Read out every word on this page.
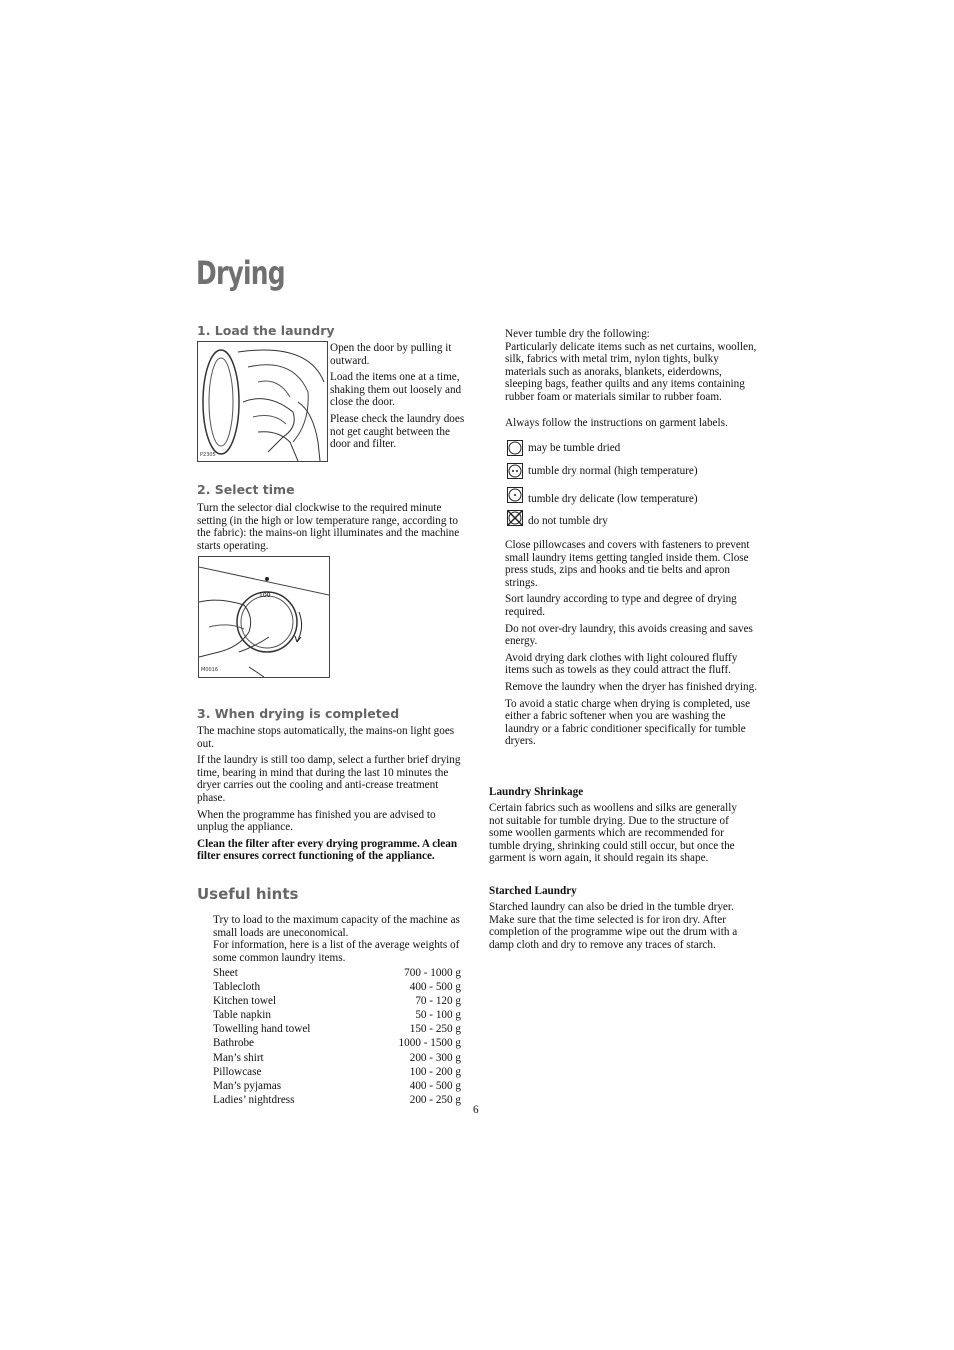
Drying
1. Load the laundry
P2305

Open the door by pulling it outward.

Load the items one at a time, shaking them out loosely and close the door.

Please check the laundry does not get caught between the door and filter.

2. Select time
Turn the selector dial clockwise to the required minute setting (in the high or low temperature range, according to the fabric): the mains-on light illuminates and the machine starts operating.
100
M0016
3. When drying is completed

The machine stops automatically, the mains-on light goes out.

If the laundry is still too damp, select a further brief drying time, bearing in mind that during the last 10 minutes the dryer carries out the cooling and anti-crease treatment phase.

When the programme has finished you are advised to unplug the appliance.

Clean the filter after every drying programme. A clean filter ensures correct functioning of the appliance.

Useful hints
Try to load to the maximum capacity of the machine as small loads are uneconomical.
For information, here is a list of the average weights of some common laundry items.
Sheet	700 - 1000 g
Tablecloth	400 - 500 g
Kitchen towel	70 - 120 g
Table napkin	50 - 100 g
Towelling hand towel	150 - 250 g
Bathrobe	1000 - 1500 g
Man’s shirt	200 - 300 g
Pillowcase	100 - 200 g
Man’s pyjamas	400 - 500 g
Ladies’ nightdress	200 - 250 g
6
Never tumble dry the following:
Particularly delicate items such as net curtains, woollen, silk, fabrics with metal trim, nylon tights, bulky materials such as anoraks, blankets, eiderdowns, sleeping bags, feather quilts and any items containing rubber foam or materials similar to rubber foam.
Always follow the instructions on garment labels.
may be tumble dried
tumble dry normal (high temperature)
tumble dry delicate (low temperature)
do not tumble dry

Close pillowcases and covers with fasteners to prevent small laundry items getting tangled inside them. Close press studs, zips and hooks and tie belts and apron strings.

Sort laundry according to type and degree of drying required.

Do not over-dry laundry, this avoids creasing and saves energy.

Avoid drying dark clothes with light coloured fluffy items such as towels as they could attract the fluff.

Remove the laundry when the dryer has finished drying.

To avoid a static charge when drying is completed, use either a fabric softener when you are washing the laundry or a fabric conditioner specifically for tumble dryers.

Laundry Shrinkage
Certain fabrics such as woollens and silks are generally not suitable for tumble drying. Due to the structure of some woollen garments which are recommended for tumble drying, shrinking could still occur, but once the garment is worn again, it should regain its shape.
Starched Laundry
Starched laundry can also be dried in the tumble dryer. Make sure that the time selected is for iron dry. After completion of the programme wipe out the drum with a damp cloth and dry to remove any traces of starch.
